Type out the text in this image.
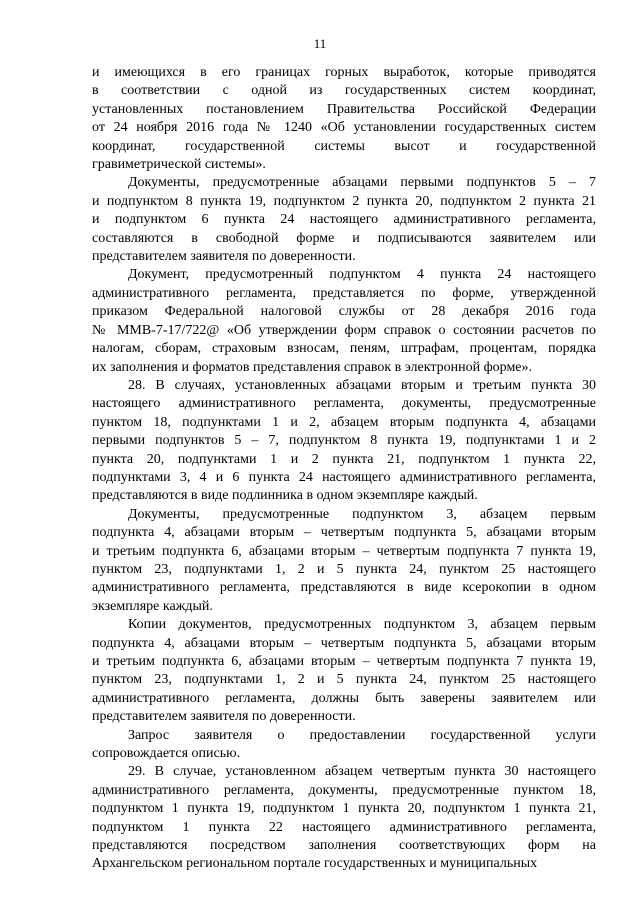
11
и имеющихся в его границах горных выработок, которые приводятся
в соответствии с одной из государственных систем координат,
установленных постановлением Правительства Российской Федерации
от 24 ноября 2016 года № 1240 «Об установлении государственных систем
координат, государственной системы высот и государственной
гравиметрической системы».
Документы, предусмотренные абзацами первыми подпунктов 5 – 7
и подпунктом 8 пункта 19, подпунктом 2 пункта 20, подпунктом 2 пункта 21
и подпунктом 6 пункта 24 настоящего административного регламента,
составляются в свободной форме и подписываются заявителем или
представителем заявителя по доверенности.
Документ, предусмотренный подпунктом 4 пункта 24 настоящего
административного регламента, представляется по форме, утвержденной
приказом Федеральной налоговой службы от 28 декабря 2016 года
№ ММВ-7-17/722@ «Об утверждении форм справок о состоянии расчетов по
налогам, сборам, страховым взносам, пеням, штрафам, процентам, порядка
их заполнения и форматов представления справок в электронной форме».
28. В случаях, установленных абзацами вторым и третьим пункта 30
настоящего административного регламента, документы, предусмотренные
пунктом 18, подпунктами 1 и 2, абзацем вторым подпункта 4, абзацами
первыми подпунктов 5 – 7, подпунктом 8 пункта 19, подпунктами 1 и 2
пункта 20, подпунктами 1 и 2 пункта 21, подпунктом 1 пункта 22,
подпунктами 3, 4 и 6 пункта 24 настоящего административного регламента,
представляются в виде подлинника в одном экземпляре каждый.
Документы, предусмотренные подпунктом 3, абзацем первым
подпункта 4, абзацами вторым – четвертым подпункта 5, абзацами вторым
и третьим подпункта 6, абзацами вторым – четвертым подпункта 7 пункта 19,
пунктом 23, подпунктами 1, 2 и 5 пункта 24, пунктом 25 настоящего
административного регламента, представляются в виде ксерокопии в одном
экземпляре каждый.
Копии документов, предусмотренных подпунктом 3, абзацем первым
подпункта 4, абзацами вторым – четвертым подпункта 5, абзацами вторым
и третьим подпункта 6, абзацами вторым – четвертым подпункта 7 пункта 19,
пунктом 23, подпунктами 1, 2 и 5 пункта 24, пунктом 25 настоящего
административного регламента, должны быть заверены заявителем или
представителем заявителя по доверенности.
Запрос заявителя о предоставлении государственной услуги
сопровождается описью.
29. В случае, установленном абзацем четвертым пункта 30 настоящего
административного регламента, документы, предусмотренные пунктом 18,
подпунктом 1 пункта 19, подпунктом 1 пункта 20, подпунктом 1 пункта 21,
подпунктом 1 пункта 22 настоящего административного регламента,
представляются посредством заполнения соответствующих форм на
Архангельском региональном портале государственных и муниципальных
